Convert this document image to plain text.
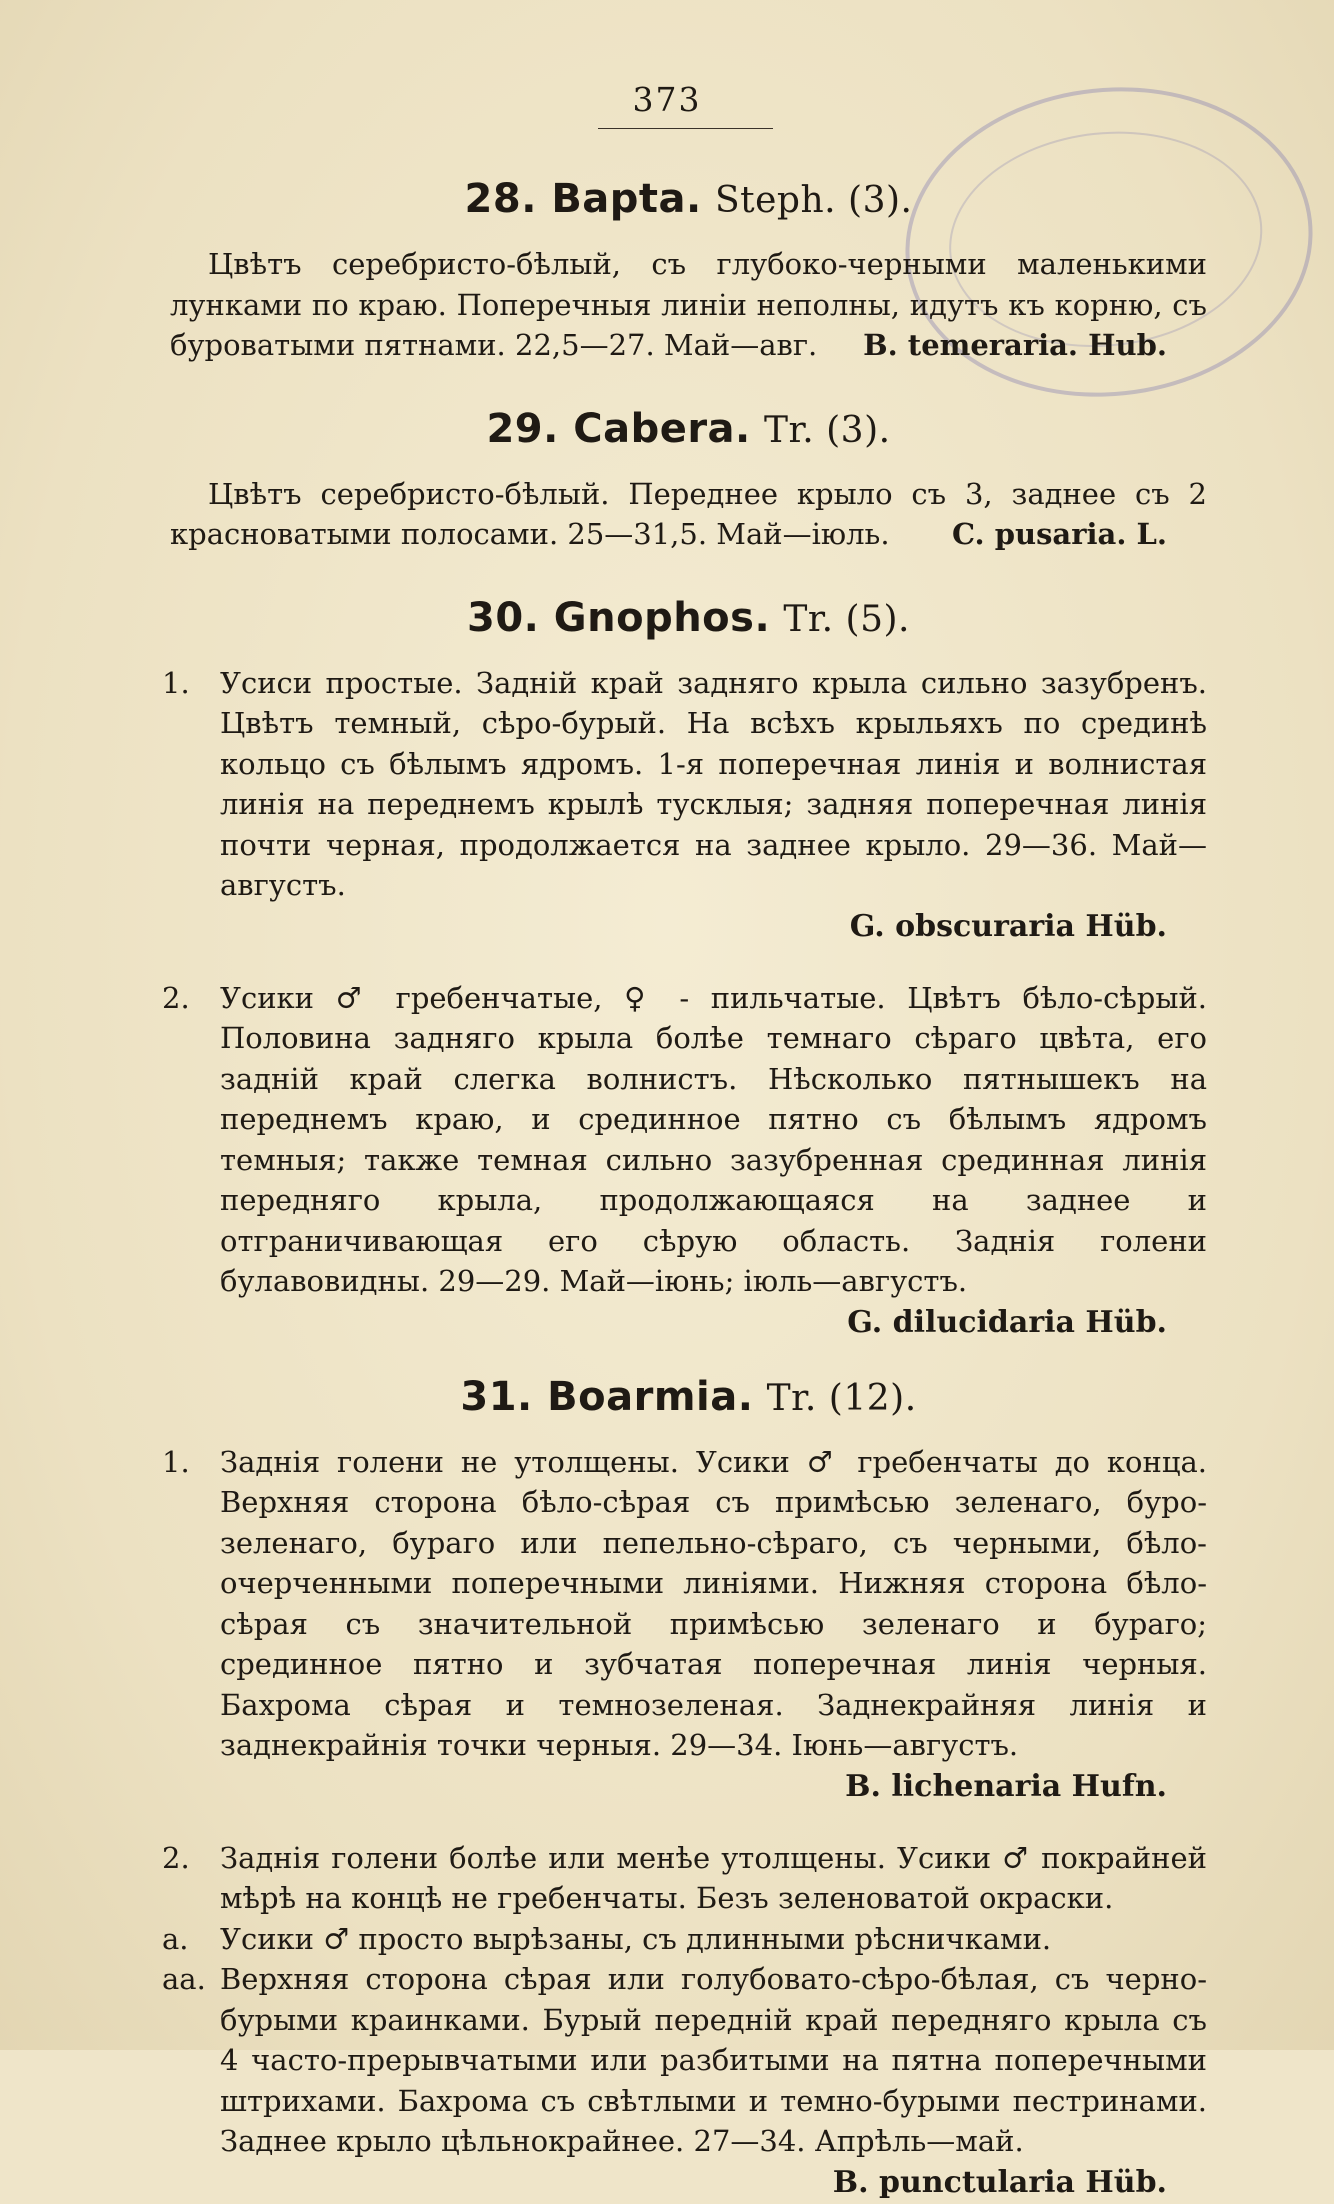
373
28. Bapta. Steph. (3).

Цвѣтъ серебристо-бѣлый, съ глубоко-черными маленькими лунками по краю. Поперечныя линіи неполны, идутъ къ корню, съ буроватыми пятнами. 22,5—27. Май—авг.	B. temeraria. Hub.

29. Cabera. Tr. (3).

Цвѣтъ серебристо-бѣлый. Переднее крыло съ 3, заднее съ 2 красноватыми полосами. 25—31,5. Май—іюль.	C. pusaria. L.

30. Gnophos. Tr. (5).

1.	Усиси простые. Заднiй край задняго крыла сильно зазубренъ. Цвѣтъ темный, сѣро-бурый. На всѣхъ крыльяхъ по срединѣ кольцо съ бѣлымъ ядромъ. 1-я поперечная линія и волнистая линія на переднемъ крылѣ тусклыя; задняя поперечная линія почти черная, продолжается на заднее крыло. 29—36. Май—августъ.

G. obscuraria Hüb.

2.	Усики ♂ гребенчатые, ♀ - пильчатые. Цвѣтъ бѣло-сѣрый. Половина задняго крыла болѣе темнаго сѣраго цвѣта, его заднiй край слегка волнистъ. Нѣсколько пятнышекъ на переднемъ краю, и срединное пятно съ бѣлымъ ядромъ темныя; также темная сильно зазубренная срединная линія передняго крыла, продолжающаяся на заднее и отграничивающая его сѣрую область. Заднія голени булавовидны. 29—29. Май—іюнь; іюль—августъ.

G. dilucidaria Hüb.

31. Boarmia. Tr. (12).

1.	Заднія голени не утолщены. Усики ♂ гребенчаты до конца. Верхняя сторона бѣло-сѣрая съ примѣсью зеленаго, буро-зеленаго, бураго или пепельно-сѣраго, съ черными, бѣло-очерченными поперечными линіями. Нижняя сторона бѣло-сѣрая съ значительной примѣсью зеленаго и бураго; срединное пятно и зубчатая поперечная линія черныя. Бахрома сѣрая и темнозеленая. Заднекрайняя линія и заднекрайнія точки черныя. 29—34. Іюнь—августъ.

B. lichenaria Hufn.

2.	Заднія голени болѣе или менѣе утолщены. Усики ♂ покрайней мѣрѣ на концѣ не гребенчаты. Безъ зеленоватой окраски.

a.	Усики ♂ просто вырѣзаны, съ длинными рѣсничками.

aa. Верхняя сторона сѣрая или голубовато-сѣро-бѣлая, съ черно-бурыми краинками. Бурый переднiй край передняго крыла съ 4 часто-прерывчатыми или разбитыми на пятна поперечными штрихами. Бахрома съ свѣтлыми и темно-бурыми пестринами. Заднее крыло цѣльнокрайнее. 27—34. Апрѣль—май.

B. punctularia Hüb.
